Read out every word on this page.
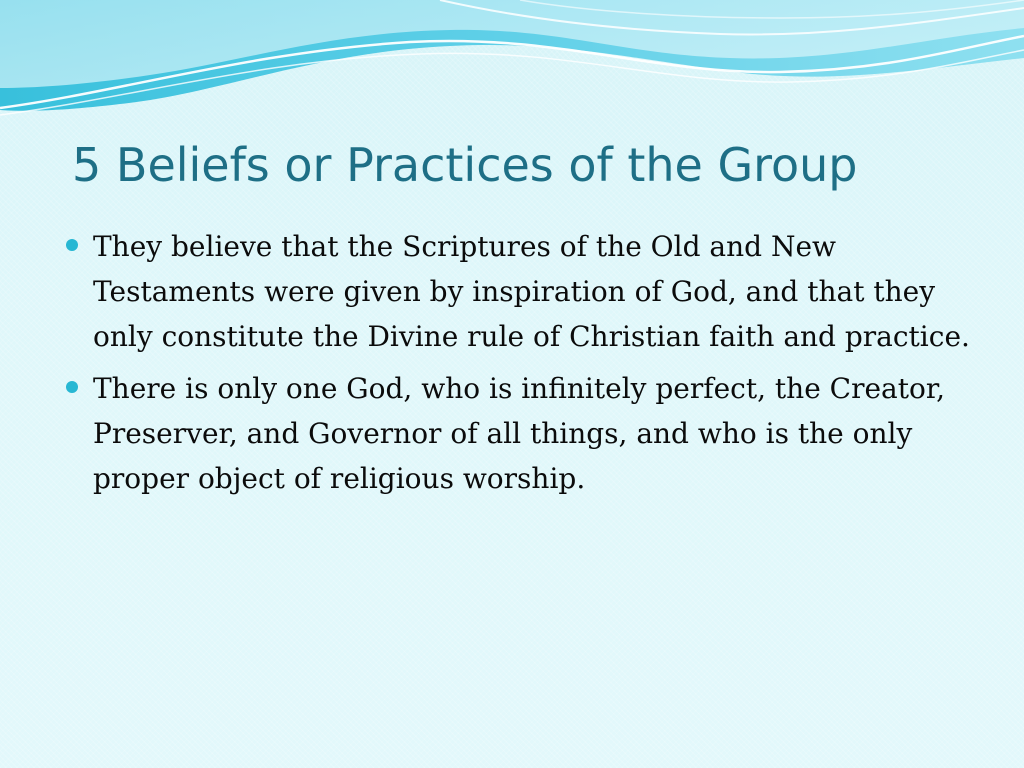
5 Beliefs or Practices of the Group
They believe that the Scriptures of the Old and New Testaments were given by inspiration of God, and that they only constitute the Divine rule of Christian faith and practice.
There is only one God, who is infinitely perfect, the Creator, Preserver, and Governor of all things, and who is the only proper object of religious worship.
